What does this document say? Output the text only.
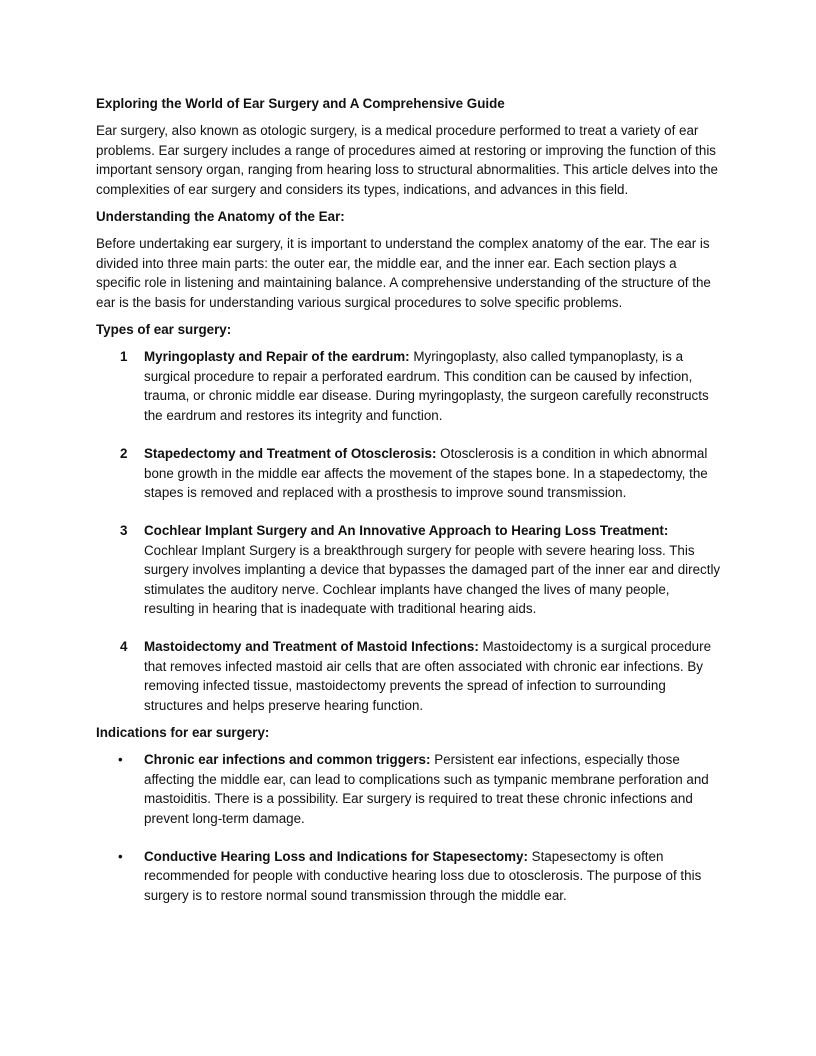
Exploring the World of Ear Surgery and A Comprehensive Guide

Ear surgery, also known as otologic surgery, is a medical procedure performed to treat a variety of ear problems. Ear surgery includes a range of procedures aimed at restoring or improving the function of this important sensory organ, ranging from hearing loss to structural abnormalities. This article delves into the complexities of ear surgery and considers its types, indications, and advances in this field.

Understanding the Anatomy of the Ear:

Before undertaking ear surgery, it is important to understand the complex anatomy of the ear. The ear is divided into three main parts: the outer ear, the middle ear, and the inner ear. Each section plays a specific role in listening and maintaining balance. A comprehensive understanding of the structure of the ear is the basis for understanding various surgical procedures to solve specific problems.

Types of ear surgery:
1 Myringoplasty and Repair of the eardrum: Myringoplasty, also called tympanoplasty, is a surgical procedure to repair a perforated eardrum. This condition can be caused by infection, trauma, or chronic middle ear disease. During myringoplasty, the surgeon carefully reconstructs the eardrum and restores its integrity and function.
2 Stapedectomy and Treatment of Otosclerosis: Otosclerosis is a condition in which abnormal bone growth in the middle ear affects the movement of the stapes bone. In a stapedectomy, the stapes is removed and replaced with a prosthesis to improve sound transmission.
3 Cochlear Implant Surgery and An Innovative Approach to Hearing Loss Treatment: Cochlear Implant Surgery is a breakthrough surgery for people with severe hearing loss. This surgery involves implanting a device that bypasses the damaged part of the inner ear and directly stimulates the auditory nerve. Cochlear implants have changed the lives of many people, resulting in hearing that is inadequate with traditional hearing aids.
4 Mastoidectomy and Treatment of Mastoid Infections: Mastoidectomy is a surgical procedure that removes infected mastoid air cells that are often associated with chronic ear infections. By removing infected tissue, mastoidectomy prevents the spread of infection to surrounding structures and helps preserve hearing function.
Indications for ear surgery:
• Chronic ear infections and common triggers: Persistent ear infections, especially those affecting the middle ear, can lead to complications such as tympanic membrane perforation and mastoiditis. There is a possibility. Ear surgery is required to treat these chronic infections and prevent long-term damage.
• Conductive Hearing Loss and Indications for Stapesectomy: Stapesectomy is often recommended for people with conductive hearing loss due to otosclerosis. The purpose of this surgery is to restore normal sound transmission through the middle ear.
